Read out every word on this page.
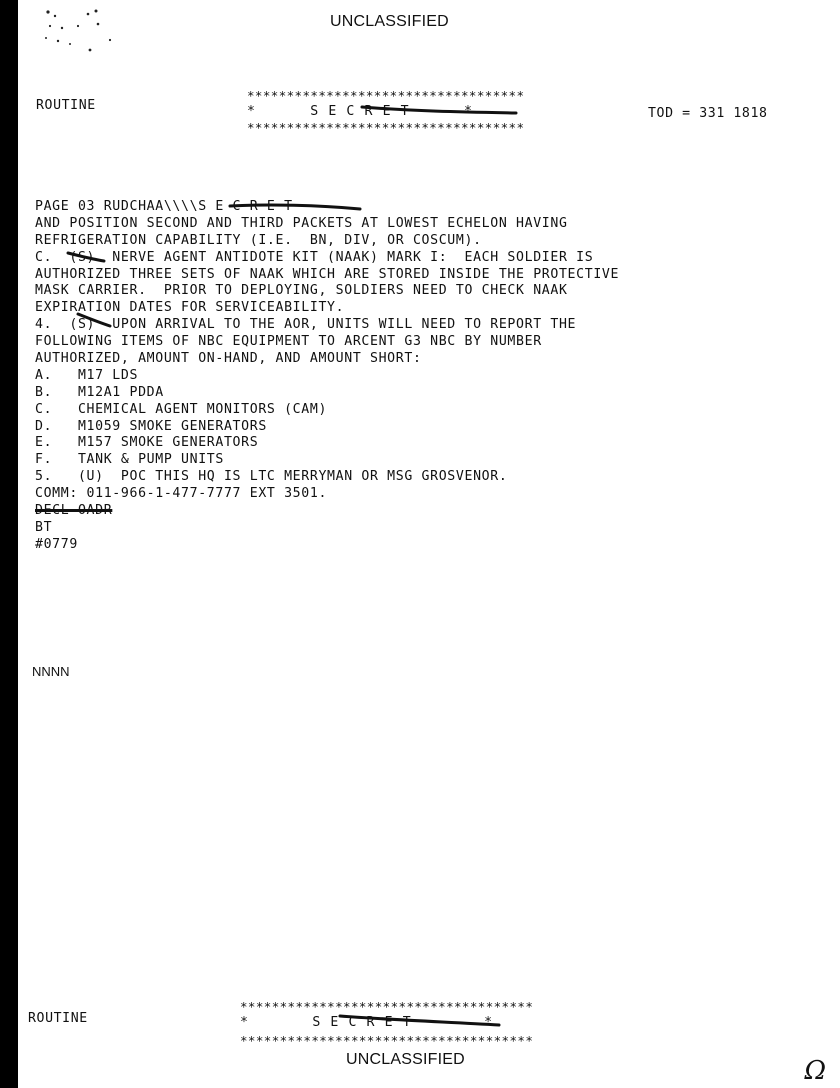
UNCLASSIFIED
ROUTINE
***********************************
*      S E C R E T      *
***********************************
TOD = 331 1818
PAGE 03 RUDCHAA\\\\S E C R E T
AND POSITION SECOND AND THIRD PACKETS AT LOWEST ECHELON HAVING
REFRIGERATION CAPABILITY (I.E.  BN, DIV, OR COSCUM).
C.  (S)  NERVE AGENT ANTIDOTE KIT (NAAK) MARK I:  EACH SOLDIER IS
AUTHORIZED THREE SETS OF NAAK WHICH ARE STORED INSIDE THE PROTECTIVE
MASK CARRIER.  PRIOR TO DEPLOYING, SOLDIERS NEED TO CHECK NAAK
EXPIRATION DATES FOR SERVICEABILITY.
4.  (S)  UPON ARRIVAL TO THE AOR, UNITS WILL NEED TO REPORT THE
FOLLOWING ITEMS OF NBC EQUIPMENT TO ARCENT G3 NBC BY NUMBER
AUTHORIZED, AMOUNT ON-HAND, AND AMOUNT SHORT:
A.   M17 LDS
B.   M12A1 PDDA
C.   CHEMICAL AGENT MONITORS (CAM)
D.   M1059 SMOKE GENERATORS
E.   M157 SMOKE GENERATORS
F.   TANK & PUMP UNITS
5.   (U)  POC THIS HQ IS LTC MERRYMAN OR MSG GROSVENOR.
COMM: 011-966-1-477-7777 EXT 3501.
DECL OADR
BT
#0779
NNNN
ROUTINE
*************************************
*       S E C R E T        *
*************************************
UNCLASSIFIED	Ω
